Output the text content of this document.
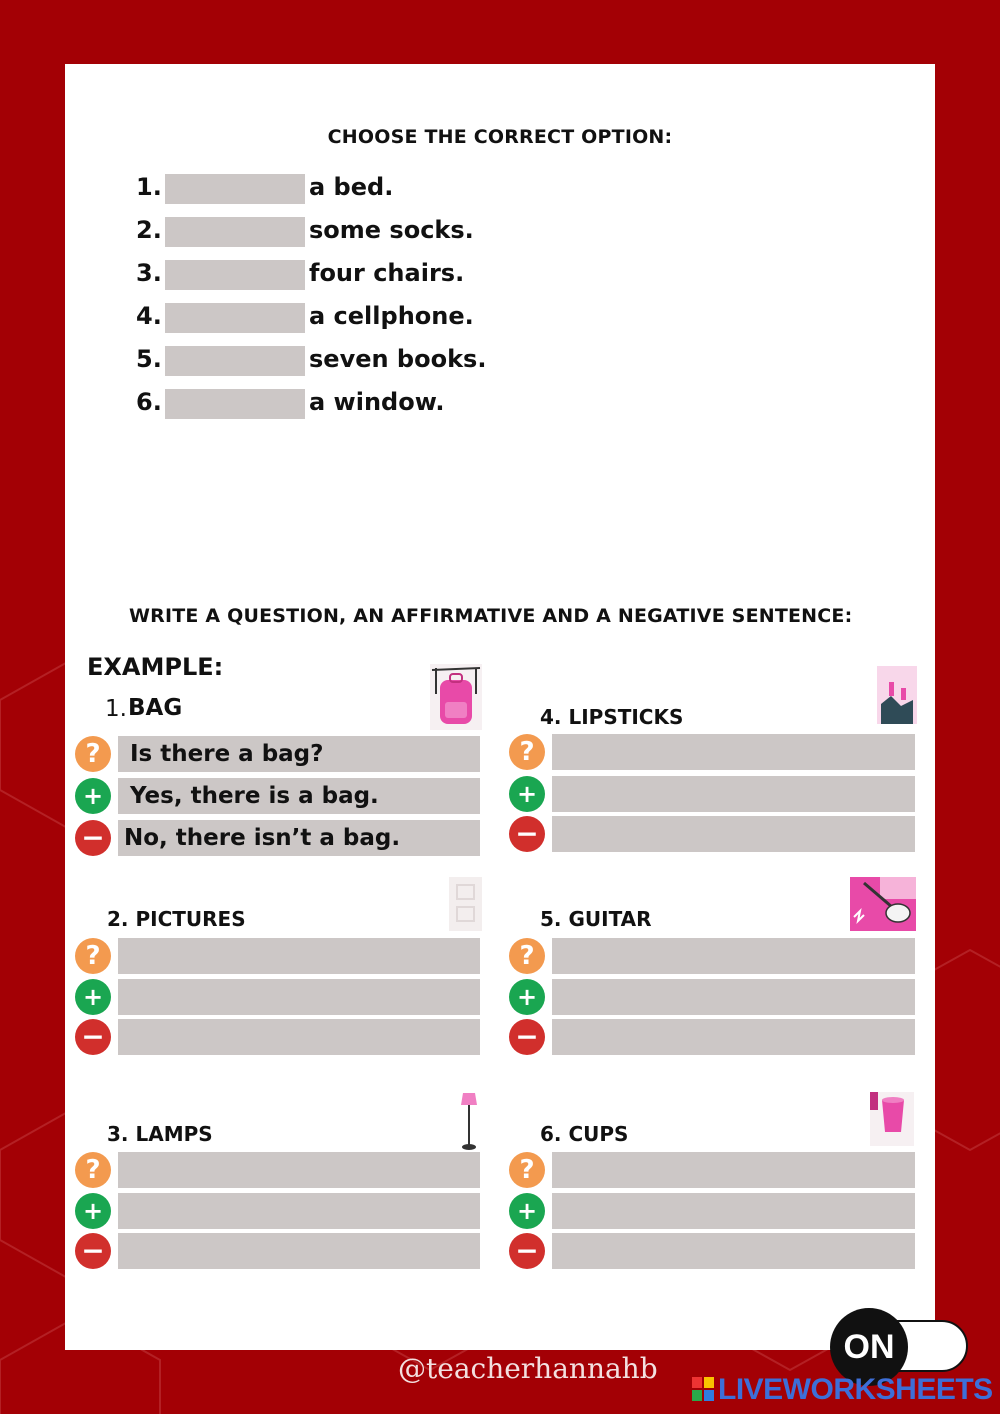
CHOOSE THE CORRECT OPTION:
1.	a bed.
2.	some socks.
3.	four chairs.
4.	a cellphone.
5.	seven books.
6.	a window.
WRITE A QUESTION, AN AFFIRMATIVE AND A NEGATIVE SENTENCE:
EXAMPLE:
1. BAG
?	Is there a bag?
+	Yes, there is a bag.
− No, there isn’t a bag.
2. PICTURES
?
+
−
3. LAMPS
?
+
−
4. LIPSTICKS
?
+
−
5. GUITAR
?
+
−
6. CUPS
?
+
−
@teacherhannahb
ON
LIVEWORKSHEETS
